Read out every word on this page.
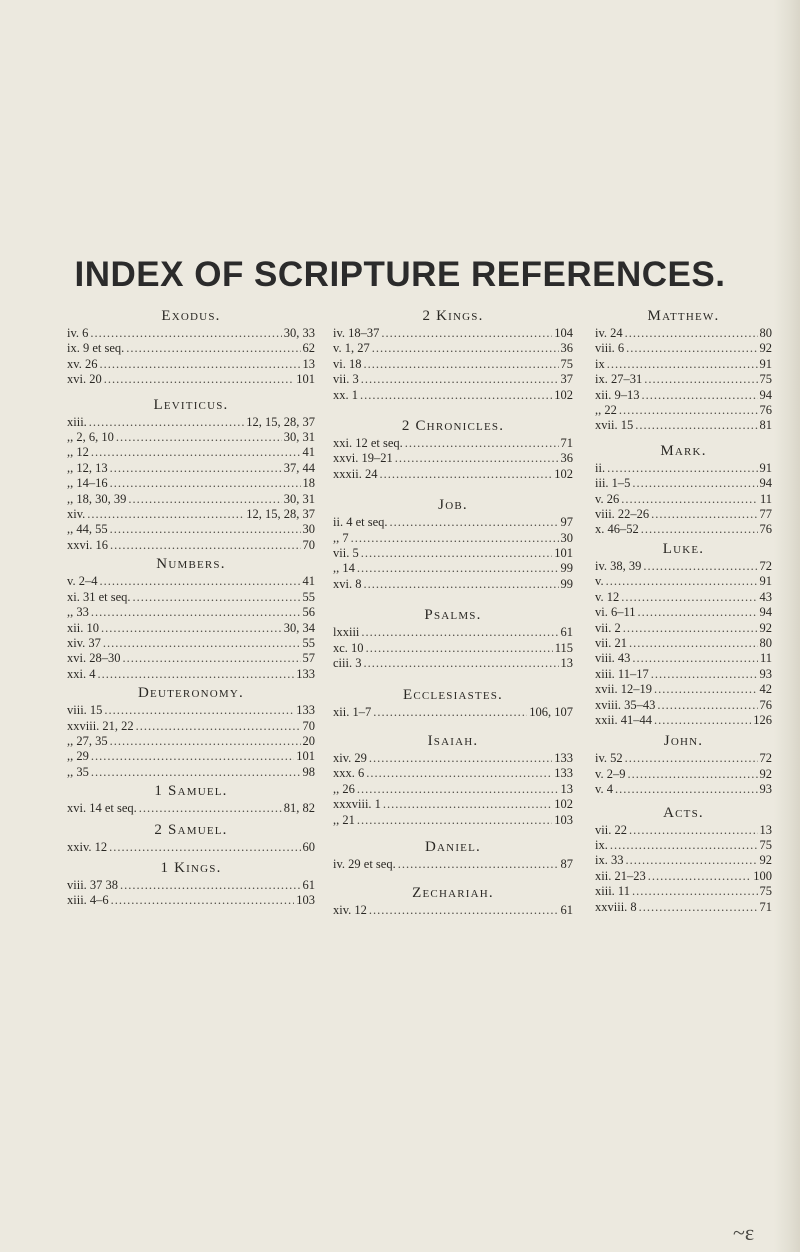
INDEX OF SCRIPTURE REFERENCES.
Exodus.
iv. 6 .....	30, 33
ix. 9 et seq. .....	62
xv. 26 .....	13
xvi. 20 .....	101
Leviticus.
xiii. .....	12, 15, 28, 37
,, 2, 6, 10 .....	30, 31
,, 12 .....	41
,, 12, 13 .....	37, 44
,, 14–16 .....	18
,, 18, 30, 39 .....	30, 31
xiv. .....	12, 15, 28, 37
,, 44, 55 .....	30
xxvi. 16 .....	70
Numbers.
v. 2–4 .....	41
xi. 31 et seq. .....	55
,, 33 .....	56
xii. 10 .....	30, 34
xiv. 37 .....	55
xvi. 28–30 .....	57
xxi. 4 .....	133
Deuteronomy.
viii. 15 .....	133
xxviii. 21, 22 .....	70
,, 27, 35 .....	20
,, 29 .....	101
,, 35 .....	98
1 Samuel.
xvi. 14 et seq. .....	81, 82
2 Samuel.
xxiv. 12 .....	60
1 Kings.
viii. 37 38 .....	61
xiii. 4–6 .....	103
2 Kings.
iv. 18–37 .....	104
v. 1, 27 .....	36
vi. 18 .....	75
vii. 3 .....	37
xx. 1 .....	102
2 Chronicles.
xxi. 12 et seq. .....	71
xxvi. 19–21 .....	36
xxxii. 24 .....	102
Job.
ii. 4 et seq. .....	97
,, 7 .....	30
vii. 5 .....	101
,, 14 .....	99
xvi. 8 .....	99
Psalms.
lxxiii .....	61
xc. 10 .....	115
ciii. 3 .....	13
Ecclesiastes.
xii. 1–7 .....	106, 107
Isaiah.
xiv. 29 .....	133
xxx. 6 .....	133
,, 26 .....	13
xxxviii. 1 .....	102
,, 21 .....	103
Daniel.
iv. 29 et seq. .....	87
Zechariah.
xiv. 12 .....	61
Matthew.
iv. 24 .....	80
viii. 6 .....	92
ix .....	91
ix. 27–31 .....	75
xii. 9–13 .....	94
,, 22 .....	76
xvii. 15 .....	81
Mark.
ii. .....	91
iii. 1–5 .....	94
v. 26 .....	11
viii. 22–26 .....	77
x. 46–52 .....	76
Luke.
iv. 38, 39 .....	72
v. .....	91
v. 12 .....	43
vi. 6–11 .....	94
vii. 2 .....	92
vii. 21 .....	80
viii. 43 .....	11
xiii. 11–17 .....	93
xvii. 12–19 .....	42
xviii. 35–43 .....	76
xxii. 41–44 .....	126
John.
iv. 52 .....	72
v. 2–9 .....	92
v. 4 .....	93
Acts.
vii. 22 .....	13
ix. .....	75
ix. 33 .....	92
xii. 21–23 .....	100
xiii. 11 .....	75
xxviii. 8 .....	71
~ɛ
